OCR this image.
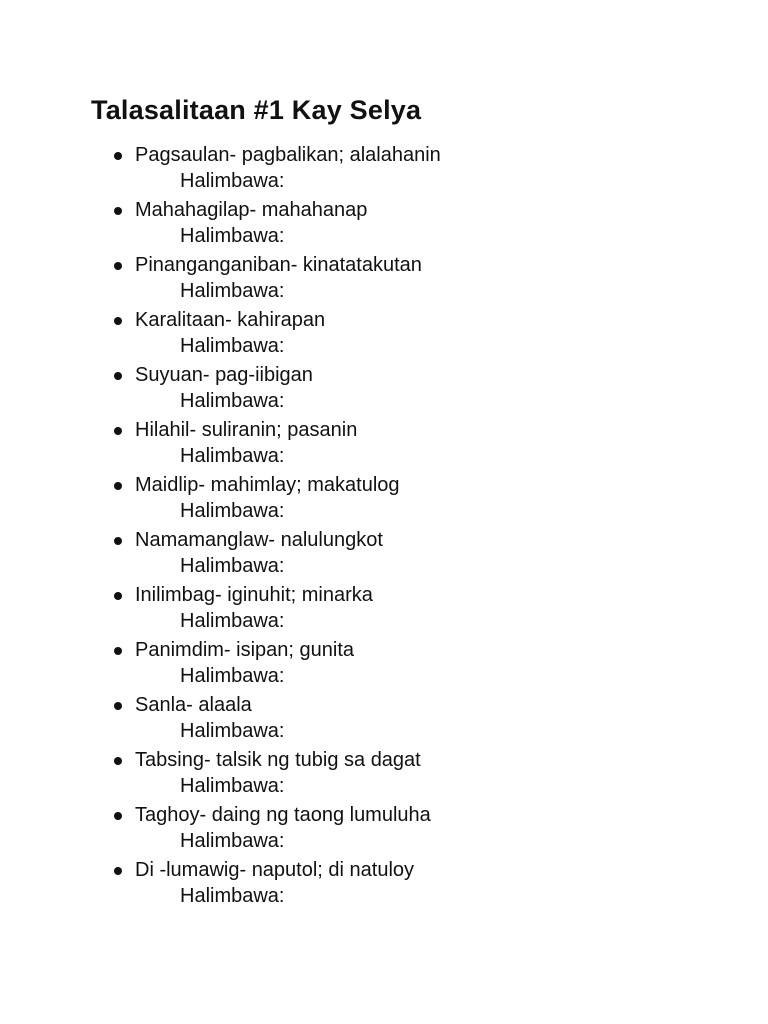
Talasalitaan #1 Kay Selya
Pagsaulan- pagbalikan; alalahanin
Halimbawa:
Mahahagilap- mahahanap
Halimbawa:
Pinanganganiban- kinatatakutan
Halimbawa:
Karalitaan- kahirapan
Halimbawa:
Suyuan- pag-iibigan
Halimbawa:
Hilahil- suliranin; pasanin
Halimbawa:
Maidlip- mahimlay; makatulog
Halimbawa:
Namamanglaw- nalulungkot
Halimbawa:
Inilimbag- iginuhit; minarka
Halimbawa:
Panimdim- isipan; gunita
Halimbawa:
Sanla- alaala
Halimbawa:
Tabsing- talsik ng tubig sa dagat
Halimbawa:
Taghoy- daing ng taong lumuluha
Halimbawa:
Di -lumawig- naputol; di natuloy
Halimbawa:
